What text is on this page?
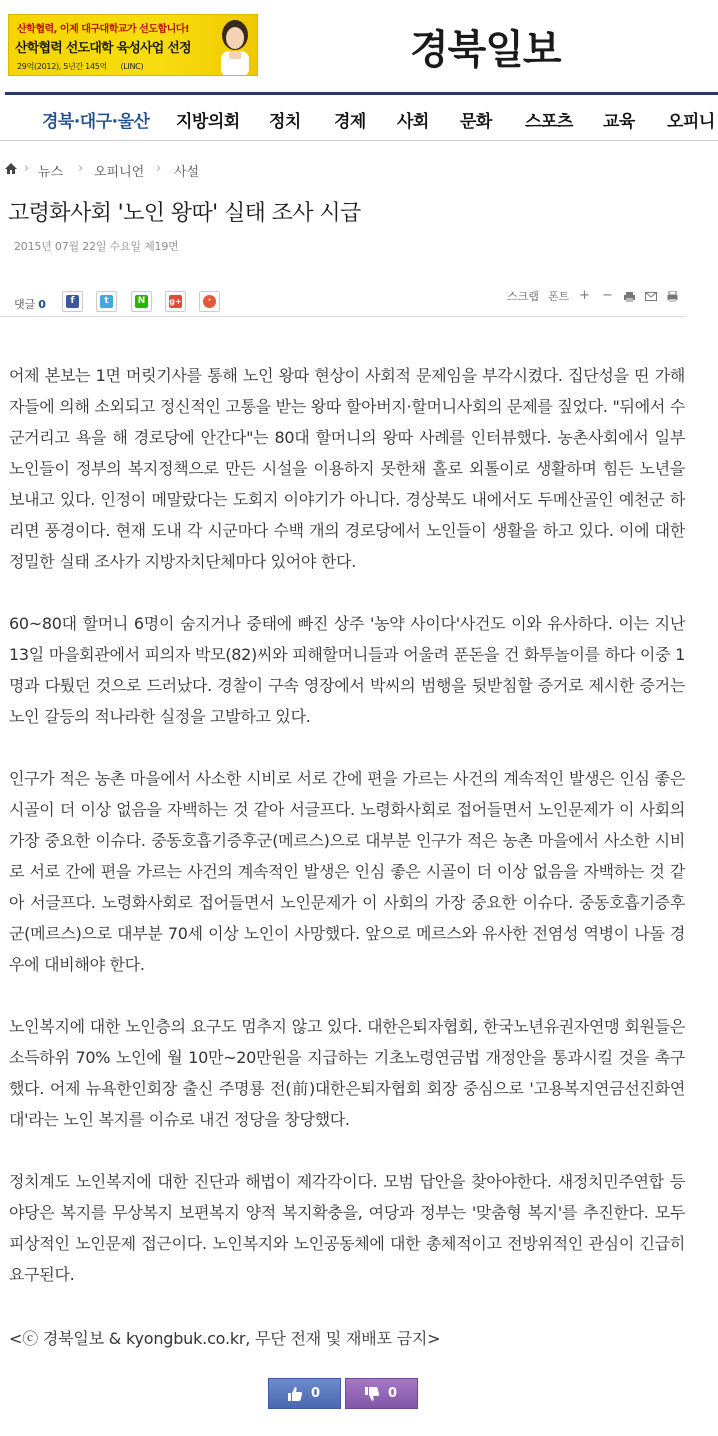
산학협력, 이제 대구대학교가 선도합니다!
산학협력 선도대학 육성사업 선정
29억(2012), 5년간 145억 (LINC)	경북일보
경북·대구·울산 지방의회 정치 경제 사회 문화 스포츠 교육 오피니
› 뉴스 › 오피니언 › 사설
고령화사회 '노인 왕따' 실태 조사 시급
2015년 07월 22일 수요일 제19면
댓글 0	f	t	N	g+	·	스크랩 폰트 + −

어제 본보는 1면 머릿기사를 통해 노인 왕따 현상이 사회적 문제임을 부각시켰다. 집단성을 띤 가해자들에 의해 소외되고 정신적인 고통을 받는 왕따 할아버지·할머니사회의 문제를 짚었다. "뒤에서 수군거리고 욕을 해 경로당에 안간다"는 80대 할머니의 왕따 사례를 인터뷰했다. 농촌사회에서 일부 노인들이 정부의 복지정책으로 만든 시설을 이용하지 못한채 홀로 외톨이로 생활하며 힘든 노년을 보내고 있다. 인정이 메말랐다는 도회지 이야기가 아니다. 경상북도 내에서도 두메산골인 예천군 하리면 풍경이다. 현재 도내 각 시군마다 수백 개의 경로당에서 노인들이 생활을 하고 있다. 이에 대한 정밀한 실태 조사가 지방자치단체마다 있어야 한다.

60~80대 할머니 6명이 숨지거나 중태에 빠진 상주 '농약 사이다'사건도 이와 유사하다. 이는 지난 13일 마을회관에서 피의자 박모(82)씨와 피해할머니들과 어울려 푼돈을 건 화투놀이를 하다 이중 1명과 다퉜던 것으로 드러났다. 경찰이 구속 영장에서 박씨의 범행을 뒷받침할 증거로 제시한 증거는 노인 갈등의 적나라한 실정을 고발하고 있다.

인구가 적은 농촌 마을에서 사소한 시비로 서로 간에 편을 가르는 사건의 계속적인 발생은 인심 좋은 시골이 더 이상 없음을 자백하는 것 같아 서글프다. 노령화사회로 접어들면서 노인문제가 이 사회의 가장 중요한 이슈다. 중동호흡기증후군(메르스)으로 대부분 인구가 적은 농촌 마을에서 사소한 시비로 서로 간에 편을 가르는 사건의 계속적인 발생은 인심 좋은 시골이 더 이상 없음을 자백하는 것 같아 서글프다. 노령화사회로 접어들면서 노인문제가 이 사회의 가장 중요한 이슈다. 중동호흡기증후군(메르스)으로 대부분 70세 이상 노인이 사망했다. 앞으로 메르스와 유사한 전염성 역병이 나돌 경우에 대비해야 한다.

노인복지에 대한 노인층의 요구도 멈추지 않고 있다. 대한은퇴자협회, 한국노년유권자연맹 회원들은 소득하위 70% 노인에 월 10만~20만원을 지급하는 기초노령연금법 개정안을 통과시킬 것을 촉구했다. 어제 뉴욕한인회장 출신 주명룡 전(前)대한은퇴자협회 회장 중심으로 '고용복지연금선진화연대'라는 노인 복지를 이슈로 내건 정당을 창당했다.

정치계도 노인복지에 대한 진단과 해법이 제각각이다. 모범 답안을 찾아야한다. 새정치민주연합 등 야당은 복지를 무상복지 보편복지 양적 복지확충을, 여당과 정부는 '맞춤형 복지'를 추진한다. 모두 피상적인 노인문제 접근이다. 노인복지와 노인공동체에 대한 총체적이고 전방위적인 관심이 긴급히 요구된다.

<ⓒ 경북일보 & kyongbuk.co.kr, 무단 전재 및 재배포 금지>
0	0
